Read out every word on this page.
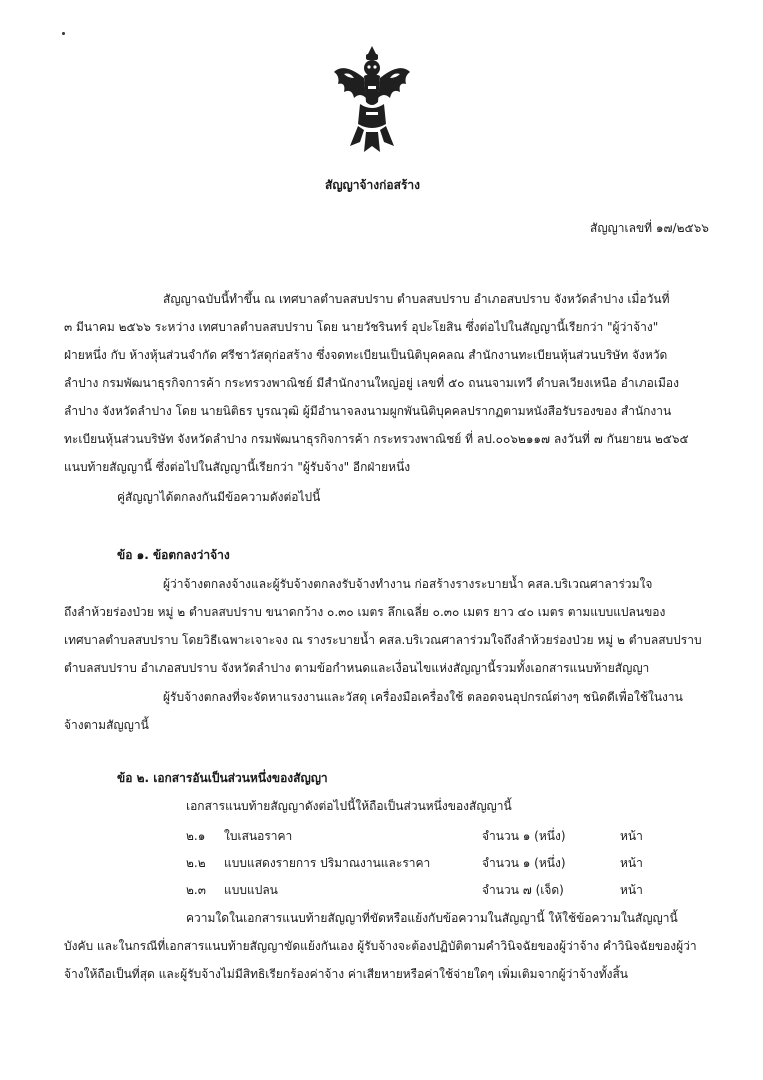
สัญญาจ้างก่อสร้าง
สัญญาเลขที่ ๑๗/๒๕๖๖
สัญญาฉบับนี้ทำขึ้น ณ เทศบาลตำบลสบปราบ ตำบลสบปราบ อำเภอสบปราบ จังหวัดลำปาง เมื่อวันที่
๓ มีนาคม ๒๕๖๖ ระหว่าง เทศบาลตำบลสบปราบ โดย นายวัชรินทร์ อุปะโยสิน ซึ่งต่อไปในสัญญานี้เรียกว่า "ผู้ว่าจ้าง"
ฝ่ายหนึ่ง กับ ห้างหุ้นส่วนจำกัด ศรีชาวัสดุก่อสร้าง ซึ่งจดทะเบียนเป็นนิติบุคคลณ สำนักงานทะเบียนหุ้นส่วนบริษัท จังหวัด
ลำปาง กรมพัฒนาธุรกิจการค้า กระทรวงพาณิชย์ มีสำนักงานใหญ่อยู่ เลขที่ ๕๐ ถนนจามเทวี ตำบลเวียงเหนือ อำเภอเมือง
ลำปาง จังหวัดลำปาง โดย นายนิติธร บูรณวุฒิ ผู้มีอำนาจลงนามผูกพันนิติบุคคลปรากฏตามหนังสือรับรองของ สำนักงาน
ทะเบียนหุ้นส่วนบริษัท จังหวัดลำปาง กรมพัฒนาธุรกิจการค้า กระทรวงพาณิชย์ ที่ ลป.๐๐๖๒๑๑๗ ลงวันที่ ๗ กันยายน ๒๕๖๕
แนบท้ายสัญญานี้ ซึ่งต่อไปในสัญญานี้เรียกว่า "ผู้รับจ้าง" อีกฝ่ายหนึ่ง
คู่สัญญาได้ตกลงกันมีข้อความดังต่อไปนี้
ข้อ ๑. ข้อตกลงว่าจ้าง
ผู้ว่าจ้างตกลงจ้างและผู้รับจ้างตกลงรับจ้างทำงาน ก่อสร้างรางระบายน้ำ คสล.บริเวณศาลาร่วมใจ
ถึงลำห้วยร่องป่วย หมู่ ๒ ตำบลสบปราบ ขนาดกว้าง ๐.๓๐ เมตร ลึกเฉลี่ย ๐.๓๐ เมตร ยาว ๔๐ เมตร ตามแบบแปลนของ
เทศบาลตำบลสบปราบ โดยวิธีเฉพาะเจาะจง ณ รางระบายน้ำ คสล.บริเวณศาลาร่วมใจถึงลำห้วยร่องป่วย หมู่ ๒ ตำบลสบปราบ
ตำบลสบปราบ อำเภอสบปราบ จังหวัดลำปาง ตามข้อกำหนดและเงื่อนไขแห่งสัญญานี้รวมทั้งเอกสารแนบท้ายสัญญา
ผู้รับจ้างตกลงที่จะจัดหาแรงงานและวัสดุ เครื่องมือเครื่องใช้ ตลอดจนอุปกรณ์ต่างๆ ชนิดดีเพื่อใช้ในงาน
จ้างตามสัญญานี้
ข้อ ๒. เอกสารอันเป็นส่วนหนึ่งของสัญญา
เอกสารแนบท้ายสัญญาดังต่อไปนี้ให้ถือเป็นส่วนหนึ่งของสัญญานี้
๒.๑ ใบเสนอราคา	จำนวน ๑ (หนึ่ง)	หน้า
๒.๒ แบบแสดงรายการ ปริมาณงานและราคา	จำนวน ๑ (หนึ่ง)	หน้า
๒.๓ แบบแปลน	จำนวน ๗ (เจ็ด)	หน้า
ความใดในเอกสารแนบท้ายสัญญาที่ขัดหรือแย้งกับข้อความในสัญญานี้ ให้ใช้ข้อความในสัญญานี้
บังคับ และในกรณีที่เอกสารแนบท้ายสัญญาขัดแย้งกันเอง ผู้รับจ้างจะต้องปฏิบัติตามคำวินิจฉัยของผู้ว่าจ้าง คำวินิจฉัยของผู้ว่า
จ้างให้ถือเป็นที่สุด และผู้รับจ้างไม่มีสิทธิเรียกร้องค่าจ้าง ค่าเสียหายหรือค่าใช้จ่ายใดๆ เพิ่มเติมจากผู้ว่าจ้างทั้งสิ้น
